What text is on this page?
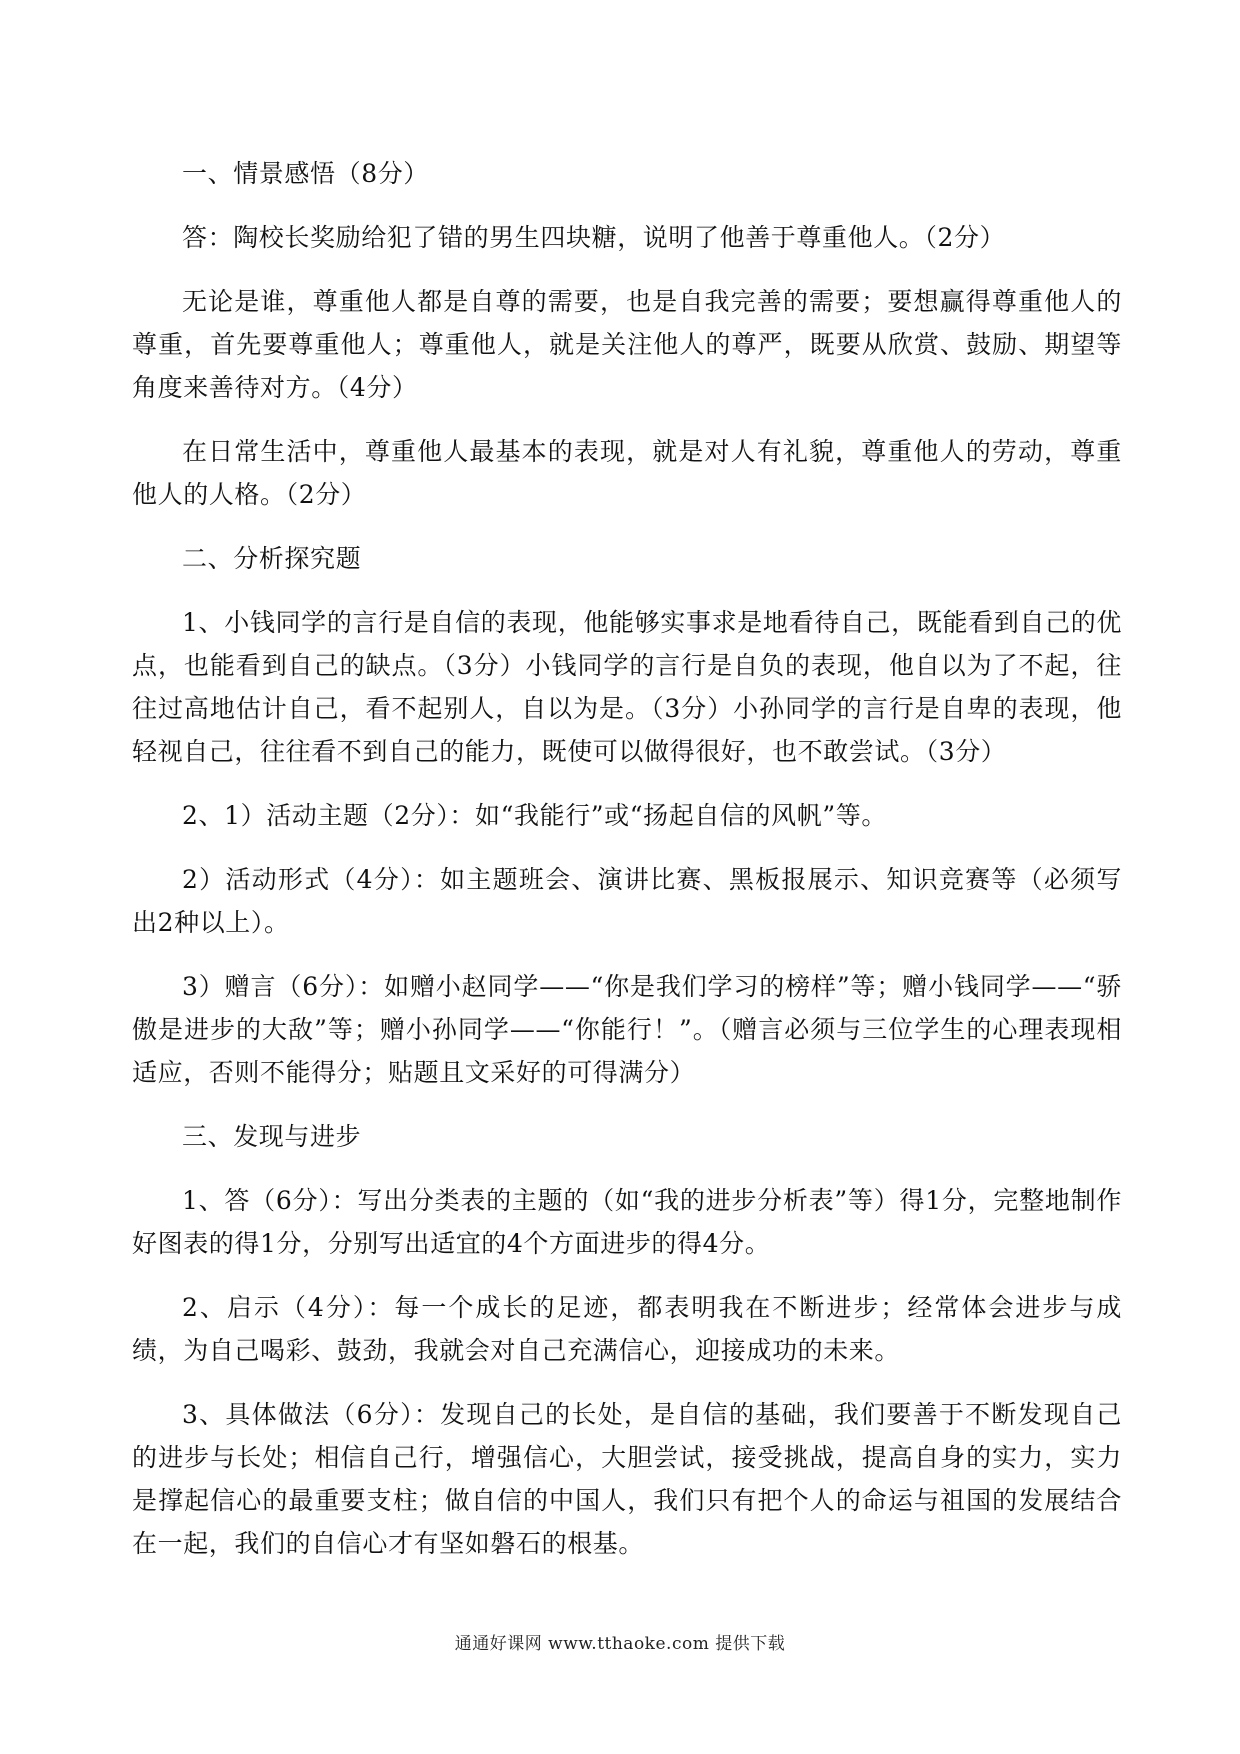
一、情景感悟（8分）

答：陶校长奖励给犯了错的男生四块糖，说明了他善于尊重他人。（2分）

无论是谁，尊重他人都是自尊的需要，也是自我完善的需要；要想赢得尊重他人的尊重，首先要尊重他人；尊重他人，就是关注他人的尊严，既要从欣赏、鼓励、期望等角度来善待对方。（4分）

在日常生活中，尊重他人最基本的表现，就是对人有礼貌，尊重他人的劳动，尊重他人的人格。（2分）

二、分析探究题

1、小钱同学的言行是自信的表现，他能够实事求是地看待自己，既能看到自己的优点，也能看到自己的缺点。（3分）小钱同学的言行是自负的表现，他自以为了不起，往往过高地估计自己，看不起别人，自以为是。（3分）小孙同学的言行是自卑的表现，他轻视自己，往往看不到自己的能力，既使可以做得很好，也不敢尝试。（3分）

2、1）活动主题（2分）：如“我能行”或“扬起自信的风帆”等。

2）活动形式（4分）：如主题班会、演讲比赛、黑板报展示、知识竞赛等（必须写出2种以上）。

3）赠言（6分）：如赠小赵同学——“你是我们学习的榜样”等；赠小钱同学——“骄傲是进步的大敌”等；赠小孙同学——“你能行！”。（赠言必须与三位学生的心理表现相适应，否则不能得分；贴题且文采好的可得满分）

三、发现与进步

1、答（6分）：写出分类表的主题的（如“我的进步分析表”等）得1分，完整地制作好图表的得1分，分别写出适宜的4个方面进步的得4分。

2、启示（4分）：每一个成长的足迹，都表明我在不断进步；经常体会进步与成绩，为自己喝彩、鼓劲，我就会对自己充满信心，迎接成功的未来。

3、具体做法（6分）：发现自己的长处，是自信的基础，我们要善于不断发现自己的进步与长处；相信自己行，增强信心，大胆尝试，接受挑战，提高自身的实力，实力是撑起信心的最重要支柱；做自信的中国人，我们只有把个人的命运与祖国的发展结合在一起，我们的自信心才有坚如磐石的根基。

通通好课网 www.tthaoke.com 提供下载
